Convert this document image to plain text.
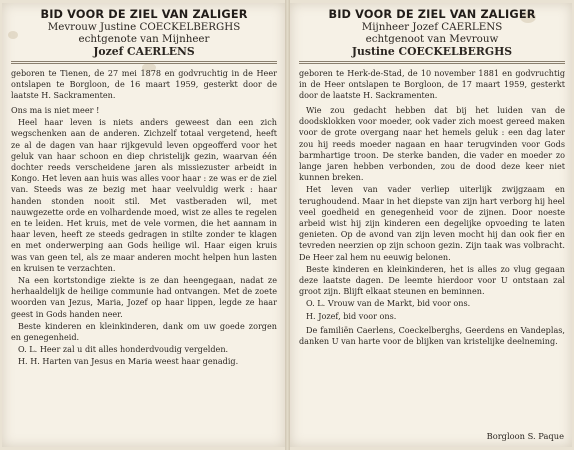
BID VOOR DE ZIEL VAN ZALIGER
Mevrouw Justine COECKELBERGHS
echtgenote van Mijnheer
Jozef CAERLENS
geboren te Tienen, de 27 mei 1878 en godvruchtig in de Heer ontslapen te Borgloon, de 16 maart 1959, gesterkt door de laatste H. Sackramenten.

Ons ma is niet meer !

Heel haar leven is niets anders geweest dan een zich wegschenken aan de anderen. Zichzelf totaal vergetend, heeft ze al de dagen van haar rijkgevuld leven opgeofferd voor het geluk van haar schoon en diep christelijk gezin, waarvan één dochter reeds verscheidene jaren als missiezuster arbeidt in Kongo. Het leven aan huis was alles voor haar : ze was er de ziel van. Steeds was ze bezig met haar veelvuldig werk : haar handen stonden nooit stil. Met vastberaden wil, met nauwgezette orde en volhardende moed, wist ze alles te regelen en te leiden. Het kruis, met de vele vormen, die het aannam in haar leven, heeft ze steeds gedragen in stilte zonder te klagen en met onderwerping aan Gods heilige wil. Haar eigen kruis was van geen tel, als ze maar anderen mocht helpen hun lasten en kruisen te verzachten.

Na een kortstondige ziekte is ze dan heengegaan, nadat ze herhaaldelijk de heilige communie had ontvangen. Met de zoete woorden van Jezus, Maria, Jozef op haar lippen, legde ze haar geest in Gods handen neer.

Beste kinderen en kleinkinderen, dank om uw goede zorgen en genegenheid.

O. L. Heer zal u dit alles honderdvoudig vergelden.

H. H. Harten van Jesus en Maria weest haar genadig.

BID VOOR DE ZIEL VAN ZALIGER
Mijnheer Jozef CAERLENS
echtgenoot van Mevrouw
Justine COECKELBERGHS
geboren te Herk-de-Stad, de 10 november 1881 en godvruchtig in de Heer ontslapen te Borgloon, de 17 maart 1959, gesterkt door de laatste H. Sackramenten.

Wie zou gedacht hebben dat bij het luiden van de doodsklokken voor moeder, ook vader zich moest gereed maken voor de grote overgang naar het hemels geluk : een dag later zou hij reeds moeder nagaan en haar terugvinden voor Gods barmhartige troon. De sterke banden, die vader en moeder zo lange jaren hebben verbonden, zou de dood deze keer niet kunnen breken.

Het leven van vader verliep uiterlijk zwijgzaam en terughoudend. Maar in het diepste van zijn hart verborg hij heel veel goedheid en genegenheid voor de zijnen. Door noeste arbeid wist hij zijn kinderen een degelijke opvoeding te laten genieten. Op de avond van zijn leven mocht hij dan ook fier en tevreden neerzien op zijn schoon gezin. Zijn taak was volbracht. De Heer zal hem nu eeuwig belonen.

Beste kinderen en kleinkinderen, het is alles zo vlug gegaan deze laatste dagen. De leemte hierdoor voor U ontstaan zal groot zijn. Blijft elkaat steunen en beminnen.

O. L. Vrouw van de Markt, bid voor ons.

H. Jozef, bid voor ons.

De familiën Caerlens, Coeckelberghs, Geerdens en Vandeplas, danken U van harte voor de blijken van kristelijke deelneming.

Borgloon S. Paque
